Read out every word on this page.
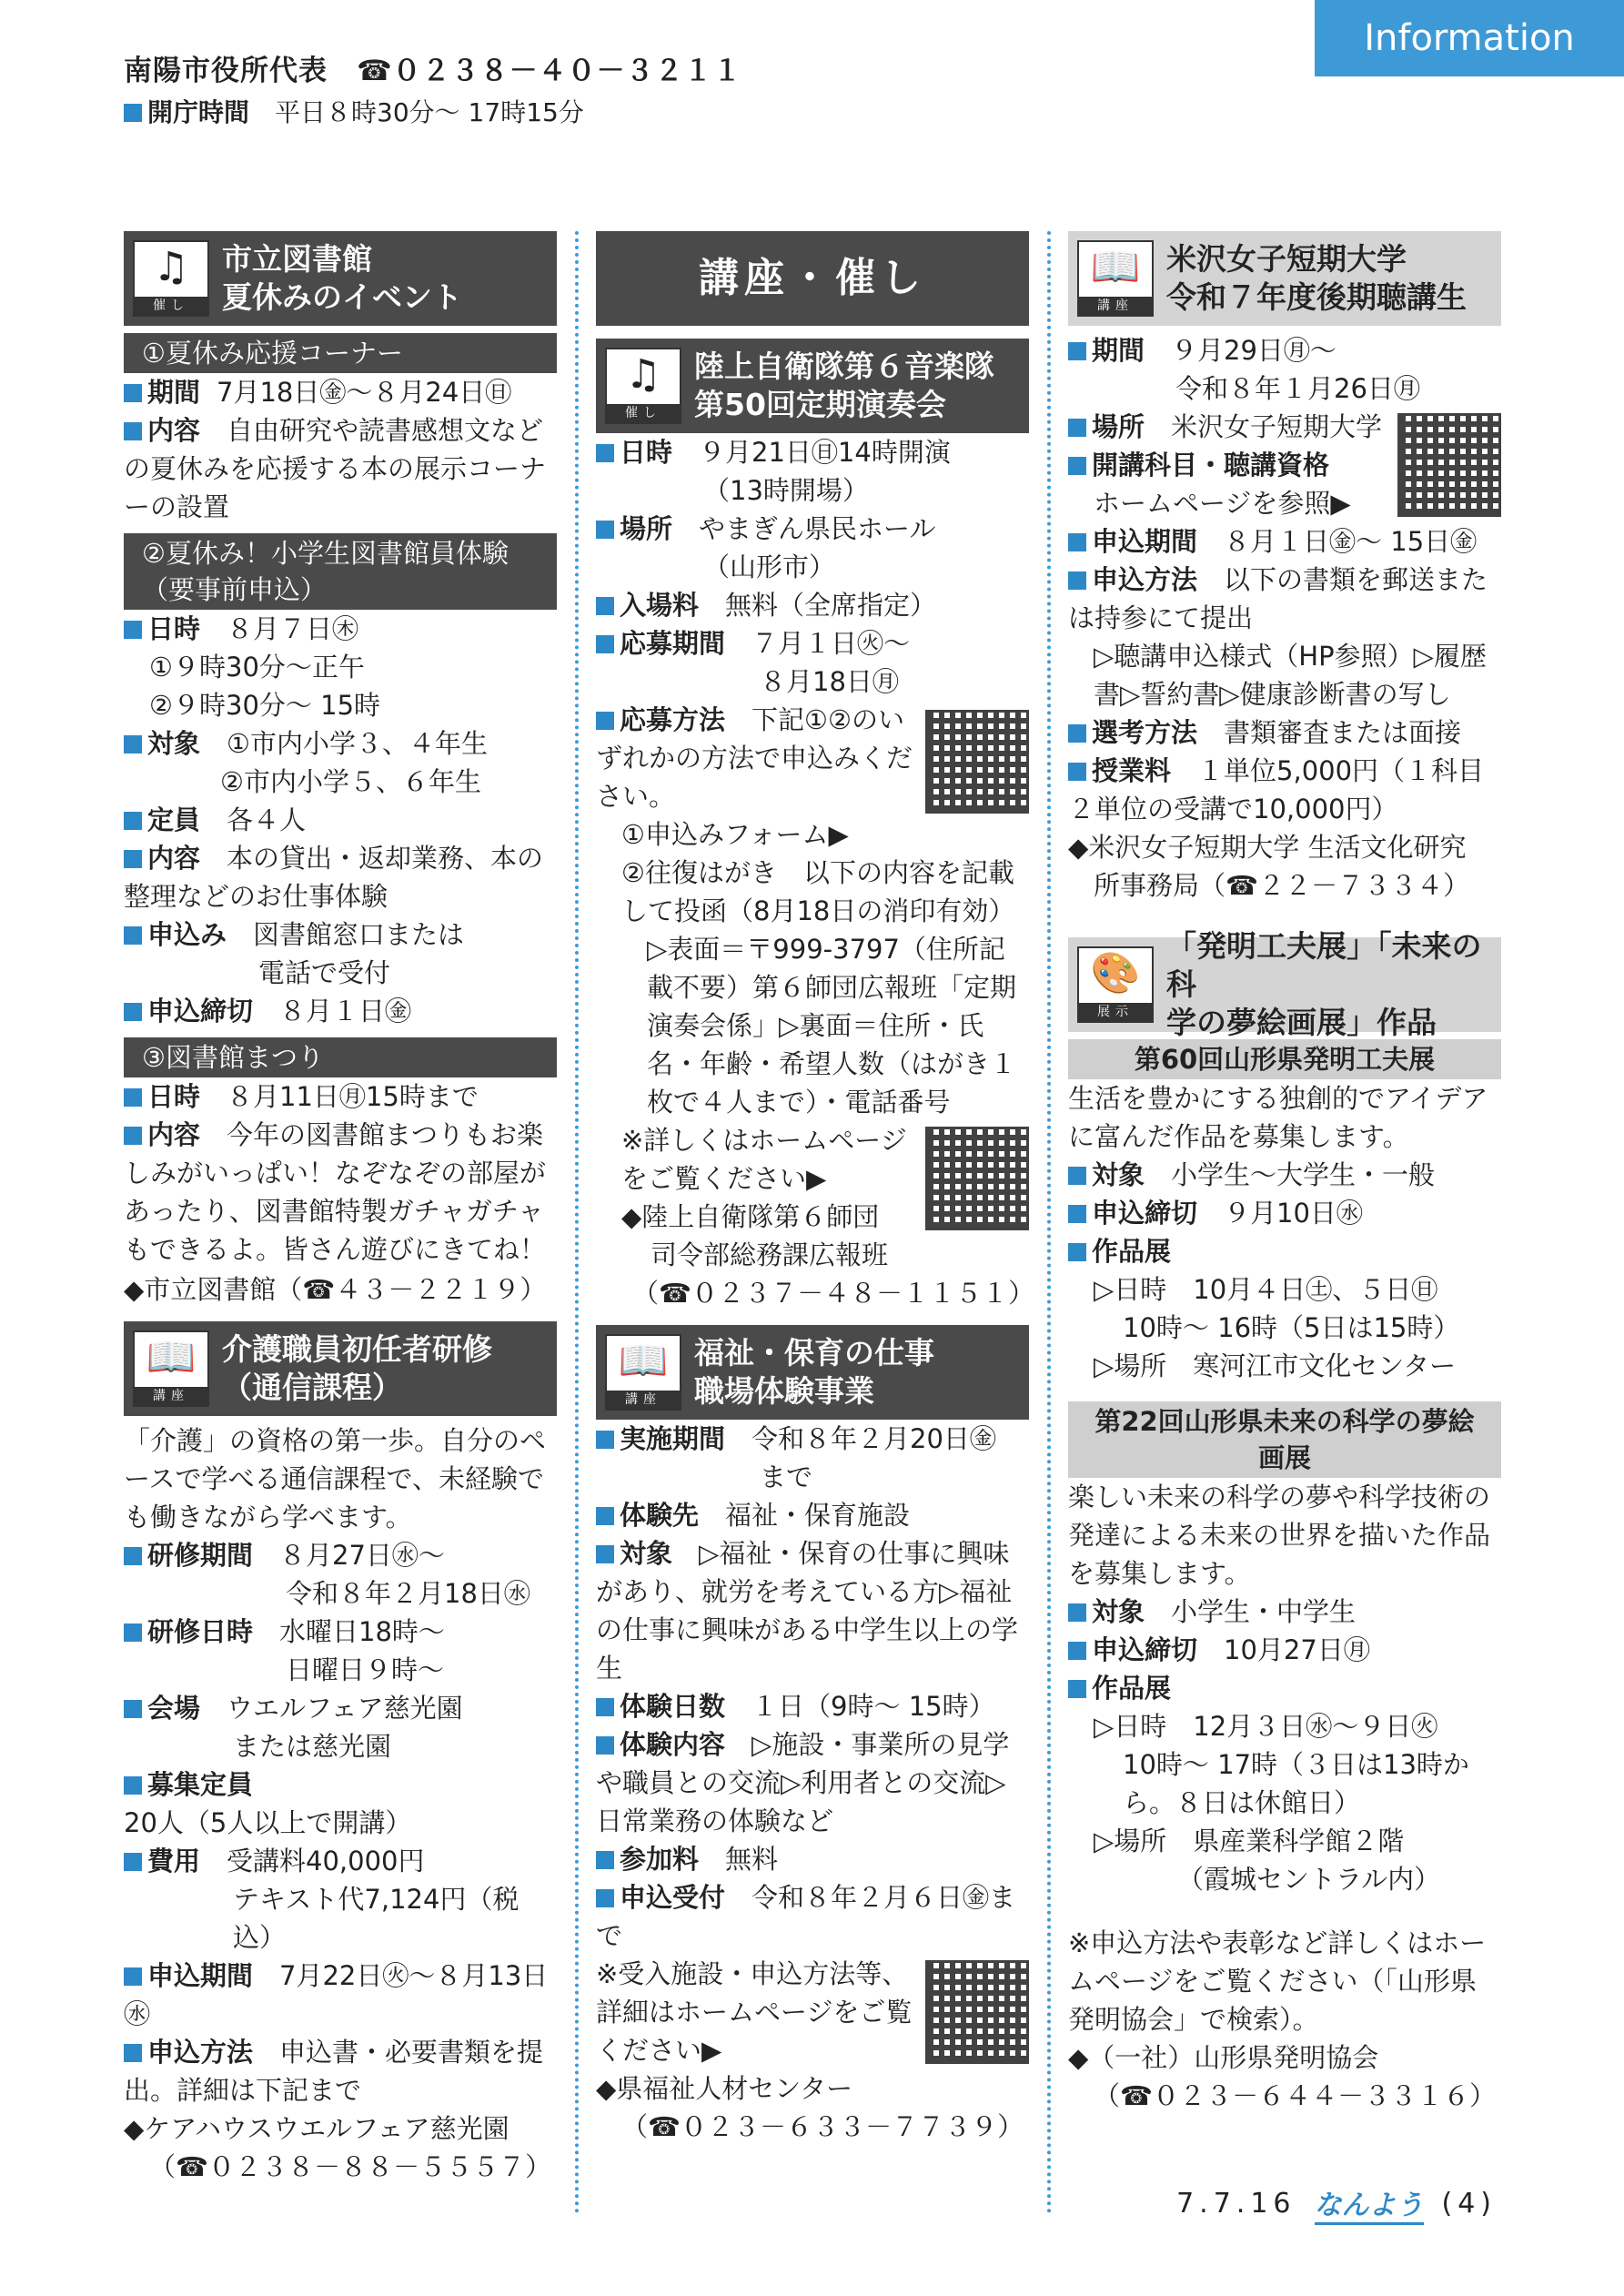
Information
南陽市役所代表　☎０２３８－４０－３２１１
開庁時間　 平日８時30分～ 17時15分
♫
催し
市立図書館
夏休みのイベント
①夏休み応援コーナー
期間 7月18日㊎～８月24日㊐
内容　 自由研究や読書感想文などの夏休みを応援する本の展示コーナーの設置
②夏休み！小学生図書館員体験
（要事前申込）
日時　 ８月７日㊍
①９時30分～正午
②９時30分～ 15時
対象　 ①市内小学３、４年生
②市内小学５、６年生
定員　 各４人
内容　 本の貸出・返却業務、本の整理などのお仕事体験
申込み　 図書館窓口または
電話で受付
申込締切　 ８月１日㊎
③図書館まつり
日時　 ８月11日㊊15時まで
内容　 今年の図書館まつりもお楽しみがいっぱい！なぞなぞの部屋があったり、図書館特製ガチャガチャもできるよ。皆さん遊びにきてね！
◆市立図書館（☎４３－２２１９）
📖
講座
介護職員初任者研修
（通信課程）
「介護」の資格の第一歩。自分のペースで学べる通信課程で、未経験でも働きながら学べます。
研修期間　 ８月27日㊌～
令和８年２月18日㊌
研修日時　 水曜日18時～
日曜日９時～
会場　 ウエルフェア慈光園
または慈光園
募集定員　20人（5人以上で開講）
費用　 受講料40,000円
テキスト代7,124円（税込）
申込期間　 7月22日㊋～８月13日㊌
申込方法　 申込書・必要書類を提出。詳細は下記まで
◆ケアハウスウエルフェア慈光園
（☎０２３８－８８－５５５７）
講座・催し
♫
催し
陸上自衛隊第６音楽隊
第50回定期演奏会
日時　 ９月21日㊐14時開演
（13時開場）
場所　 やまぎん県民ホール
（山形市）
入場料　 無料（全席指定）
応募期間　 ７月１日㊋～
８月18日㊊
応募方法　 下記①②のいずれかの方法で申込みください。
①申込みフォーム▶
②往復はがき　以下の内容を記載して投函（8月18日の消印有効）
▷表面＝〒999-3797（住所記載不要）第６師団広報班「定期演奏会係」▷裏面＝住所・氏名・年齢・希望人数（はがき１枚で４人まで）・電話番号
※詳しくはホームページをご覧ください▶
◆陸上自衛隊第６師団
司令部総務課広報班
（☎０２３７－４８－１１５１）
📖
講座
福祉・保育の仕事
職場体験事業
実施期間　 令和８年２月20日㊎
まで
体験先　 福祉・保育施設
対象　 ▷福祉・保育の仕事に興味があり、就労を考えている方▷福祉の仕事に興味がある中学生以上の学生
体験日数　 １日（9時～ 15時）
体験内容　 ▷施設・事業所の見学や職員との交流▷利用者との交流▷日常業務の体験など
参加料　 無料
申込受付　 令和８年２月６日㊎まで
※受入施設・申込方法等、詳細はホームページをご覧ください▶
◆県福祉人材センター
（☎０２３－６３３－７７３９）
📖
講座
米沢女子短期大学
令和７年度後期聴講生
期間　 ９月29日㊊～
令和８年１月26日㊊
場所　 米沢女子短期大学
開講科目・聴講資格
ホームページを参照▶
申込期間　 ８月１日㊎～ 15日㊎
申込方法　 以下の書類を郵送または持参にて提出
▷聴講申込様式（HP参照）▷履歴書▷誓約書▷健康診断書の写し
選考方法　 書類審査または面接
授業料　 １単位5,000円（１科目２単位の受講で10,000円）
◆米沢女子短期大学 生活文化研究
所事務局（☎２２－７３３４）
🎨
展示
「発明工夫展」「未来の科
学の夢絵画展」作品
第60回山形県発明工夫展
生活を豊かにする独創的でアイデアに富んだ作品を募集します。
対象　 小学生～大学生・一般
申込締切　 ９月10日㊌
作品展
▷日時　10月４日㊏、５日㊐
10時～ 16時（5日は15時）
▷場所　寒河江市文化センター
第22回山形県未来の科学の夢絵画展
楽しい未来の科学の夢や科学技術の発達による未来の世界を描いた作品を募集します。
対象　 小学生・中学生
申込締切　 10月27日㊊
作品展
▷日時　12月３日㊌～９日㊋
10時～ 17時（３日は13時から。８日は休館日）
▷場所　県産業科学館２階
（霞城セントラル内）
※申込方法や表彰など詳しくはホームページをご覧ください（「山形県発明協会」で検索）。
◆（一社）山形県発明協会
（☎０２３－６４４－３３１６）
7.7.16 なんよう (4)
